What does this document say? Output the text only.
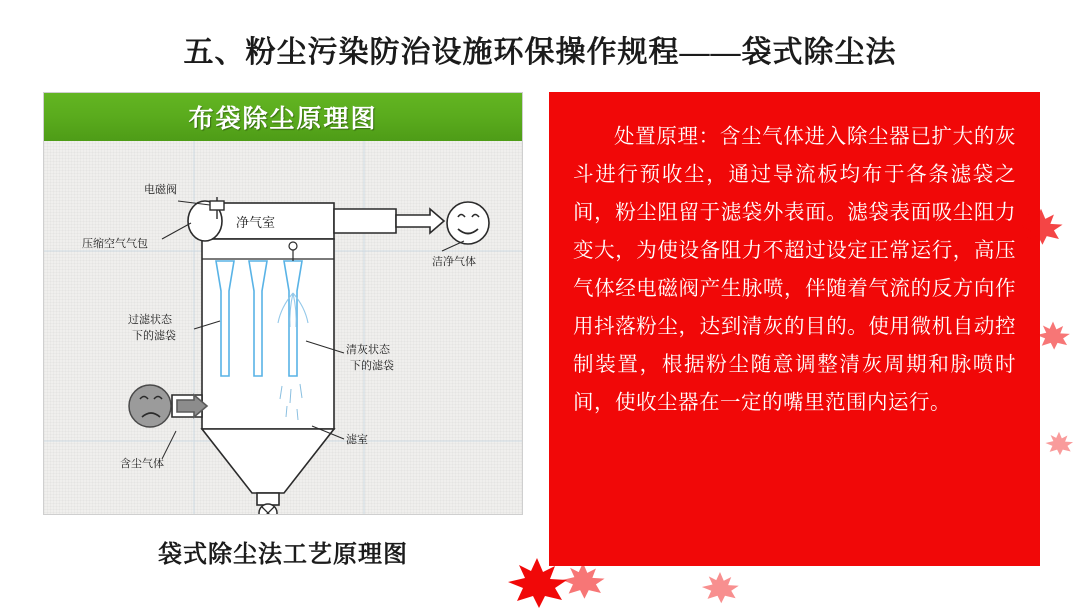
五、粉尘污染防治设施环保操作规程——袋式除尘法
布袋除尘原理图
电磁阀
压缩空气气包
净气室
洁净气体
过滤状态
下的滤袋
清灰状态
下的滤袋
滤室
含尘气体
袋式除尘法工艺原理图
处置原理：含尘气体进入除尘器已扩大的灰斗进行预收尘，通过导流板均布于各条滤袋之间，粉尘阻留于滤袋外表面。滤袋表面吸尘阻力变大，为使设备阻力不超过设定正常运行，高压气体经电磁阀产生脉喷，伴随着气流的反方向作用抖落粉尘，达到清灰的目的。使用微机自动控制装置，根据粉尘随意调整清灰周期和脉喷时间，使收尘器在一定的嘴里范围内运行。
